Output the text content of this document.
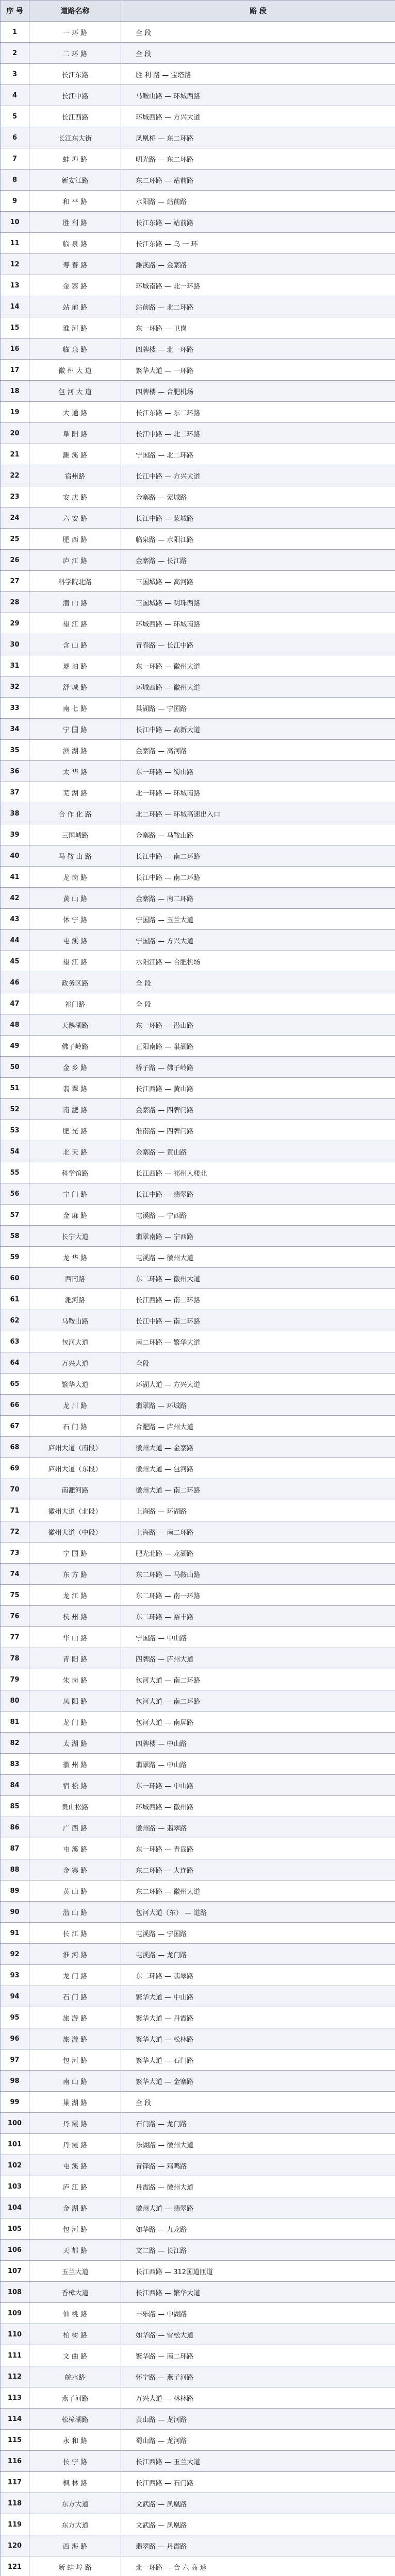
序 号	道路名称	路 段
1	一 环 路	全 段
2	二 环 路	全 段
3	长江东路	胜 利 路 — 宝塔路
4	长江中路	马鞍山路 — 环城西路
5	长江西路	环城西路 — 方兴大道
6	长江东大街	凤凰桥 — 东二环路
7	蚌 埠 路	明光路 — 东二环路
8	新安江路	东二环路 — 站前路
9	和 平 路	水阳路 — 站前路
10	胜 利 路	长江东路 — 站前路
11	临 泉 路	长江东路 — 乌 一 环
12	寿 春 路	濉溪路 — 金寨路
13	金 寨 路	环城南路 — 北一环路
14	站 前 路	站前路 — 北二环路
15	淮 河 路	东一环路 — 卫岗
16	临 泉 路	四牌楼 — 北一环路
17	徽 州 大 道	繁华大道 — 一环路
18	包 河 大 道	四牌楼 — 合肥机场
19	大 通 路	长江东路 — 东二环路
20	阜 阳 路	长江中路 — 北二环路
21	濉 溪 路	宁国路 — 北二环路
22	宿州路	长江中路 — 方兴大道
23	安 庆 路	金寨路 — 蒙城路
24	六 安 路	长江中路 — 蒙城路
25	肥 西 路	临泉路 — 水阳江路
26	庐 江 路	金寨路 — 长江路
27	科学院北路	三国城路 — 高河路
28	潜 山 路	三国城路 — 明珠西路
29	望 江 路	环城西路 — 环城南路
30	含 山 路	青春路 — 长江中路
31	琥 珀 路	东一环路 — 徽州大道
32	舒 城 路	环城西路 — 徽州大道
33	南 七 路	巢湖路 — 宁国路
34	宁 国 路	长江中路 — 高新大道
35	滨 湖 路	金寨路 — 高河路
36	太 华 路	东一环路 — 蜀山路
37	芜 湖 路	北一环路 — 环城南路
38	合 作 化 路	北二环路 — 环城高速出入口
39	三国城路	金寨路 — 马鞍山路
40	马 鞍 山 路	长江中路 — 南二环路
41	龙 岗 路	长江中路 — 南二环路
42	黄 山 路	金寨路 — 南二环路
43	休 宁 路	宁国路 — 玉兰大道
44	屯 溪 路	宁国路 — 方兴大道
45	望 江 路	水阳江路 — 合肥机场
46	政务区路	全 段
47	祁门路	全 段
48	天鹅湖路	东一环路 — 潜山路
49	佛子岭路	正阳南路 — 巢湖路
50	金 乡 路	桥子路 — 佛子岭路
51	翡 翠 路	长江西路 — 黄山路
52	南 淝 路	金寨路 — 四牌闩路
53	肥 光 路	淮南路 — 四牌闩路
54	北 天 路	金寨路 — 黄山路
55	科学馆路	长江西路 — 祁州人楼北
56	宁 门 路	长江中路 — 翡翠路
57	金 麻 路	屯溪路 — 宁西路
58	长宁大道	翡翠南路 — 宁西路
59	龙 华 路	屯溪路 — 徽州大道
60	西南路	东二环路 — 徽州大道
61	淝河路	长江西路 — 南二环路
62	马鞍山路	长江中路 — 南二环路
63	包河大道	南二环路 — 繁华大道
64	万兴大道	全段
65	繁华大道	环湖大道 — 方兴大道
66	龙 川 路	翡翠路 — 环城路
67	石 门 路	合淝路 — 庐州大道
68	庐州大道（南段）	徽州大道 — 金寨路
69	庐州大道（东段）	徽州大道 — 包河路
70	南淝河路	徽州大道 — 南二环路
71	徽州大道（北段）	上海路 — 环湖路
72	徽州大道（中段）	上海路 — 南二环路
73	宁 国 路	肥光北路 — 龙湖路
74	东 方 路	东二环路 — 马鞍山路
75	龙 江 路	东二环路 — 南一环路
76	杭 州 路	东二环路 — 裕丰路
77	华 山 路	宁国路 — 中山路
78	青 阳 路	四牌路 — 庐州大道
79	朱 岗 路	包河大道 — 南二环路
80	凤 阳 路	包河大道 — 南二环路
81	龙 门 路	包河大道 — 南屏路
82	太 湖 路	四牌楼 — 中山路
83	徽 州 路	翡翠路 — 中山路
84	宿 松 路	东一环路 — 中山路
85	贵山松路	环城西路 — 徽州路
86	广 西 路	徽州路 — 翡翠路
87	屯 溪 路	东一环路 — 青岛路
88	金 寨 路	东二环路 — 大连路
89	黄 山 路	东二环路 — 徽州大道
90	潜 山 路	包河大道（东） — 道路
91	长 江 路	屯溪路 — 宁国路
92	淮 河 路	屯溪路 — 龙门路
93	龙 门 路	东二环路 — 翡翠路
94	石 门 路	繁华大道 — 中山路
95	旅 游 路	繁华大道 — 丹霞路
96	旅 游 路	繁华大道 — 松林路
97	包 河 路	繁华大道 — 石门路
98	南 山 路	繁华大道 — 金寨路
99	巢 湖 路	全 段
100	丹 霞 路	石门路 — 龙门路
101	丹 霞 路	乐湖路 — 徽州大道
102	屯 溪 路	青锋路 — 鸡鸣路
103	庐 江 路	丹霞路 — 徽州大道
104	金 湖 路	徽州大道 — 翡翠路
105	包 河 路	如华路 — 九龙路
106	天 都 路	文二路 — 长江路
107	玉兰大道	长江西路 — 312国道匝道
108	香樟大道	长江西路 — 繁华大道
109	仙 桃 路	丰乐路 — 中湖路
110	柏 树 路	如华路 — 雪松大道
111	文 曲 路	繁华路 — 南二环路
112	皖水路	怀宁路 — 燕子河路
113	燕子河路	万兴大道 — 林林路
114	松樟湖路	黄山路 — 龙河路
115	永 和 路	蜀山路 — 龙河路
116	长 宁 路	长江西路 — 玉兰大道
117	枫 林 路	长江西路 — 石门路
118	东方大道	文武路 — 凤凰路
119	东方大道	文武路 — 凤凰路
120	西 海 路	翡翠路 — 丹霞路
121	新 蚌 埠 路	北一环路 — 合 六 高 速
